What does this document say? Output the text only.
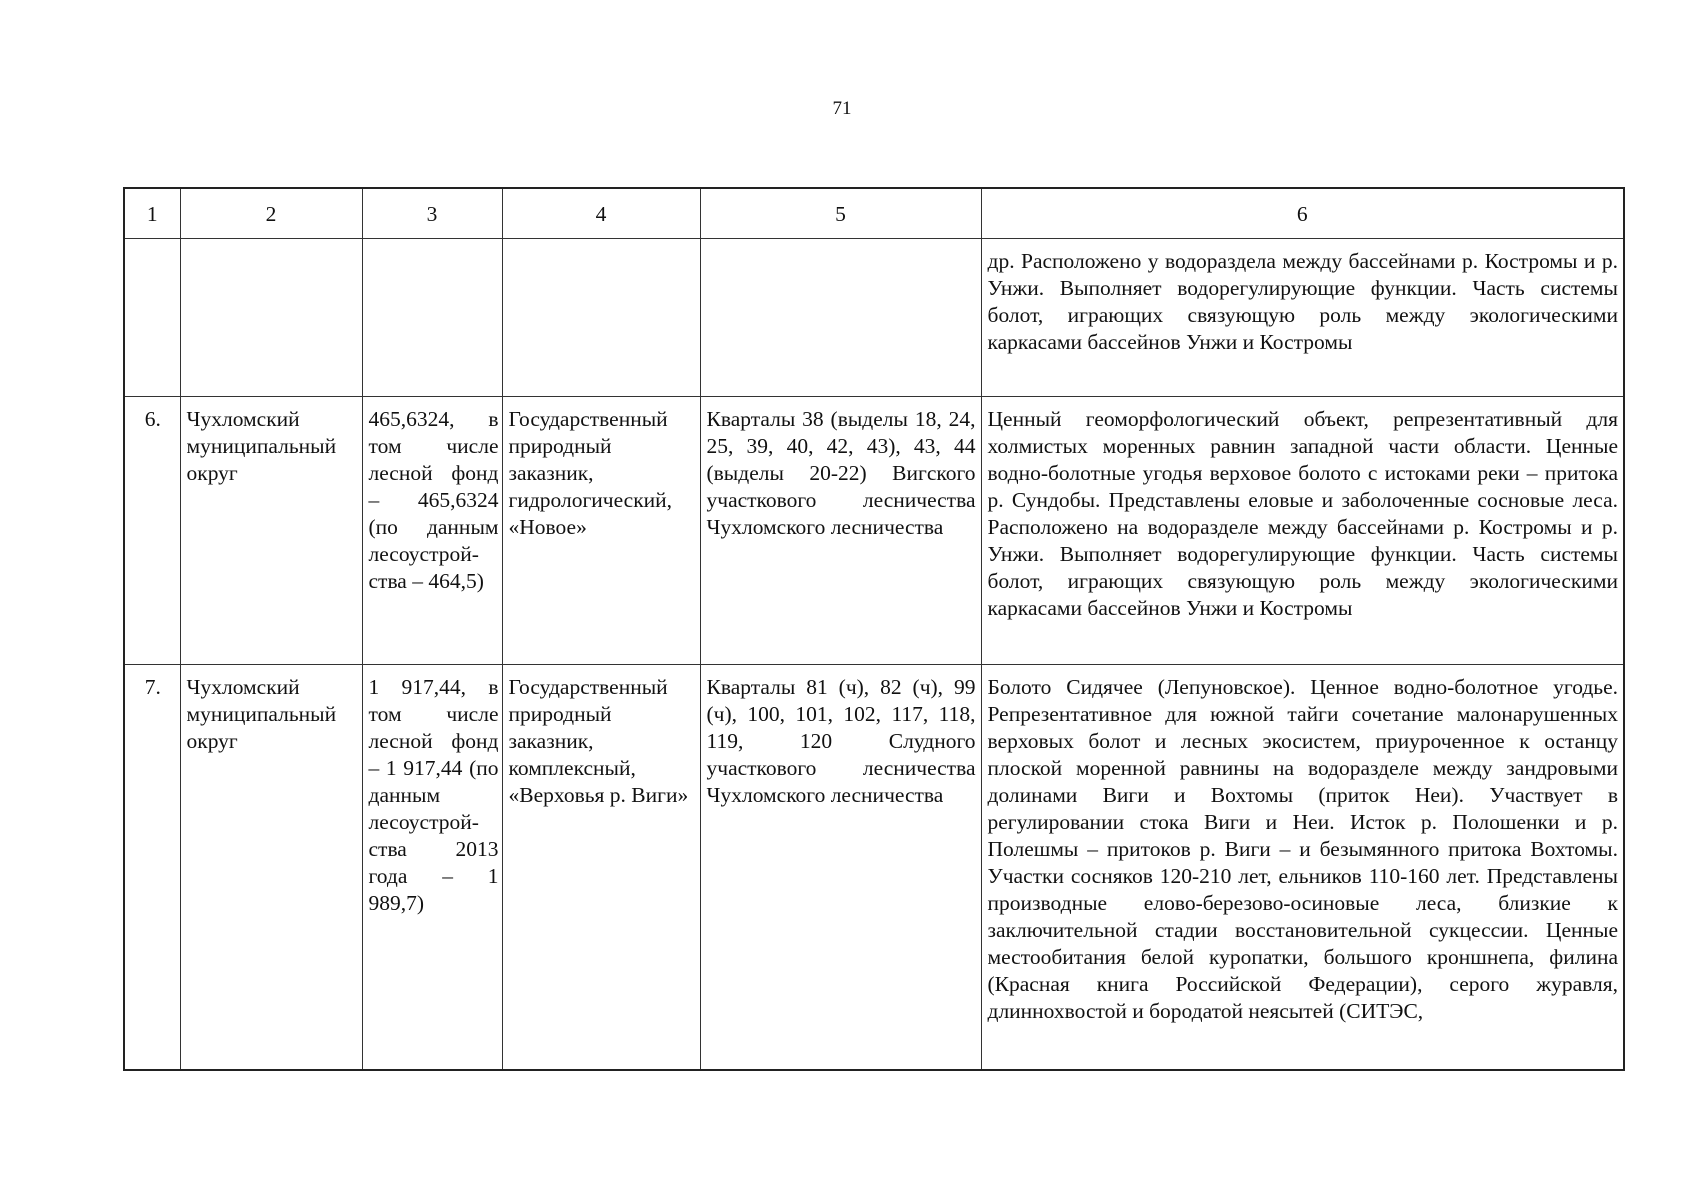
71
1	2	3	4	5	6
					др. Расположено у водораздела между бассейнами р. Костромы и р. Унжи. Выполняет водорегулирующие функции. Часть системы болот, играющих связующую роль между экологическими каркасами бассейнов Унжи и Костромы
6.	Чухломский муниципальный округ	465,6324, в том числе лесной фонд – 465,6324 (по данным лесоустрой-ства – 464,5)	Государственный природный заказник, гидрологический, «Новое»	Кварталы 38 (выделы 18, 24, 25, 39, 40, 42, 43), 43, 44 (выделы 20-22) Вигского участкового лесничества Чухломского лесничества	Ценный геоморфологический объект, репрезентативный для холмистых моренных равнин западной части области. Ценные водно-болотные угодья верховое болото с истоками реки – притока р. Сундобы. Представлены еловые и заболоченные сосновые леса. Расположено на водоразделе между бассейнами р. Костромы и р. Унжи. Выполняет водорегулирующие функции. Часть системы болот, играющих связующую роль между экологическими каркасами бассейнов Унжи и Костромы
7.	Чухломский муниципальный округ	1 917,44, в том числе лесной фонд – 1 917,44 (по данным лесоустрой-ства 2013 года – 1 989,7)	Государственный природный заказник, комплексный, «Верховья р. Виги»	Кварталы 81 (ч), 82 (ч), 99 (ч), 100, 101, 102, 117, 118, 119, 120 Слудного участкового лесничества Чухломского лесничества	Болото Сидячее (Лепуновское). Ценное водно-болотное угодье. Репрезентативное для южной тайги сочетание малонарушенных верховых болот и лесных экосистем, приуроченное к останцу плоской моренной равнины на водоразделе между зандровыми долинами Виги и Вохтомы (приток Неи). Участвует в регулировании стока Виги и Неи. Исток р. Полошенки и р. Полешмы – притоков р. Виги – и безымянного притока Вохтомы. Участки сосняков 120-210 лет, ельников 110-160 лет. Представлены производные елово-березово-осиновые леса, близкие к заключительной стадии восстановительной сукцессии. Ценные местообитания белой куропатки, большого кроншнепа, филина (Красная книга Российской Федерации), серого журавля, длиннохвостой и бородатой неясытей (СИТЭС,
